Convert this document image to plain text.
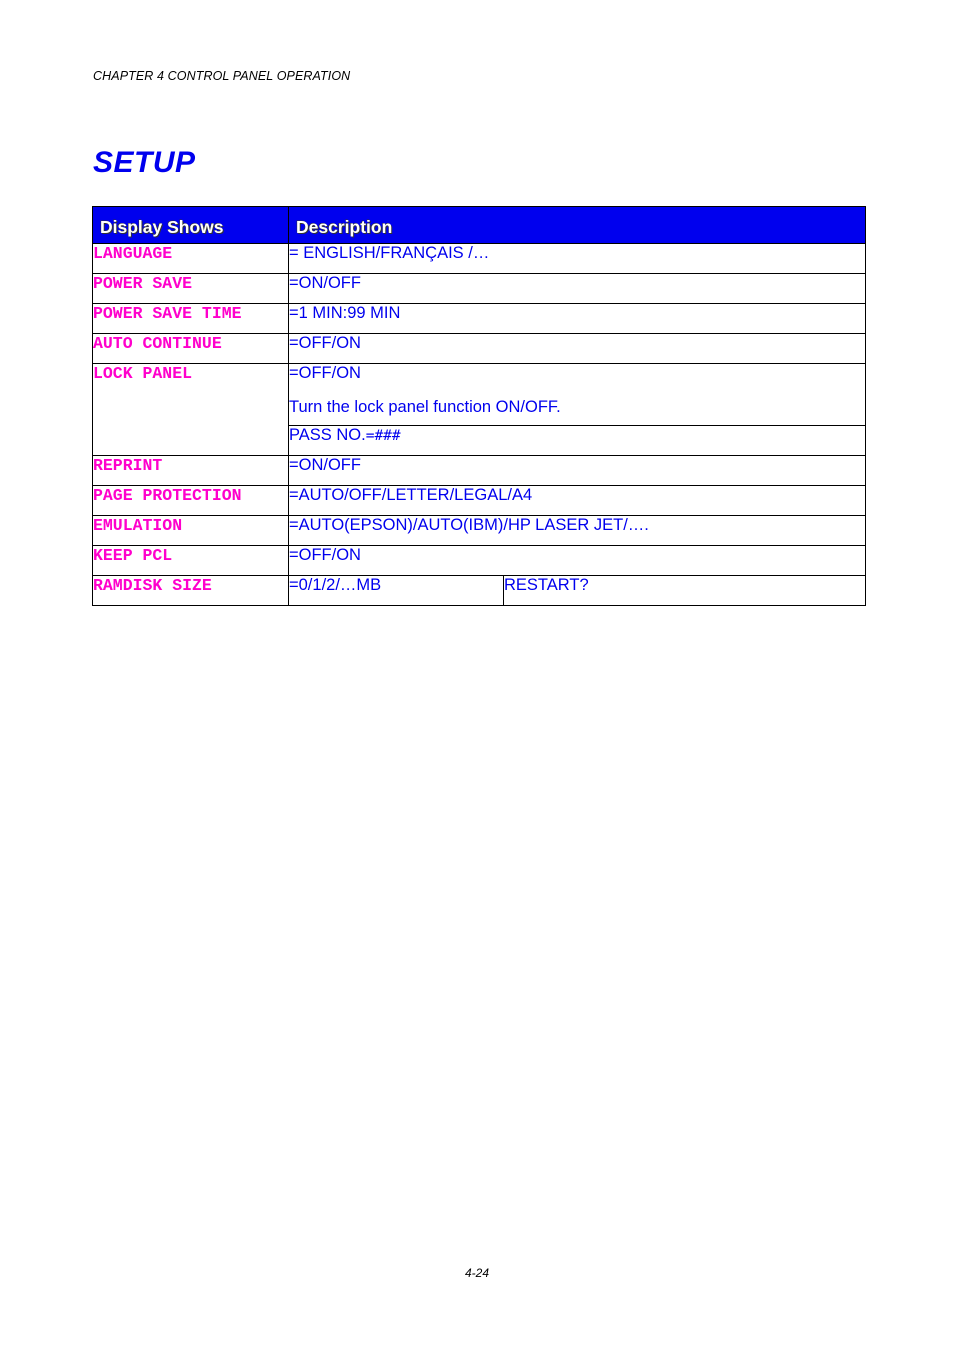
CHAPTER 4 CONTROL PANEL OPERATION
SETUP
Display Shows	Description	
LANGUAGE	= ENGLISH/FRANÇAIS /…	
POWER SAVE	=ON/OFF	
POWER SAVE TIME	=1 MIN:99 MIN	
AUTO CONTINUE	=OFF/ON	
LOCK PANEL	=OFF/ON
Turn the lock panel function ON/OFF.	

	PASS NO.=###	
REPRINT	=ON/OFF	
PAGE PROTECTION	=AUTO/OFF/LETTER/LEGAL/A4	
EMULATION	=AUTO(EPSON)/AUTO(IBM)/HP LASER JET/….	
KEEP PCL	=OFF/ON	
RAMDISK SIZE	=0/1/2/…MB	RESTART?
4-24
